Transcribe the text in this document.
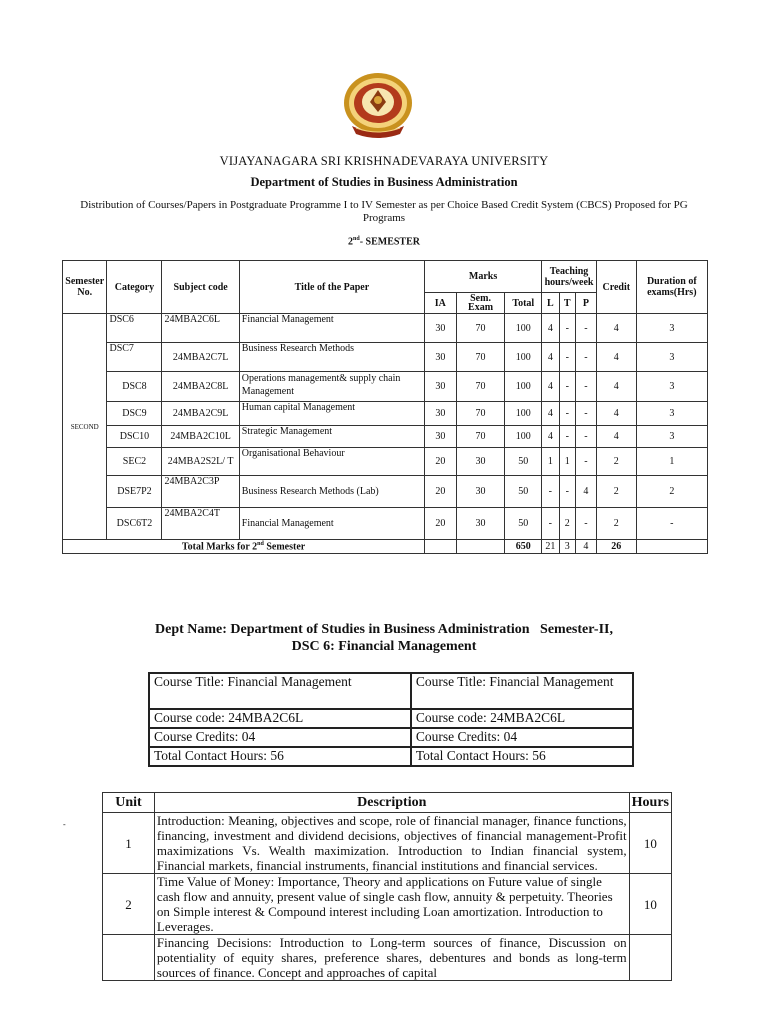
VIJAYANAGARA SRI KRISHNADEVARAYA UNIVERSITY
Department of Studies in Business Administration
Distribution of Courses/Papers in Postgraduate Programme I to IV Semester as per Choice Based Credit System (CBCS) Proposed for PG Programs
2nd- SEMESTER
Semester No.	Category	Subject code	Title of the Paper	Marks			Teaching hours/week			Credit	Duration of exams(Hrs)
				IA	Sem. Exam	Total	L	T	P		
SECOND	DSC6	24MBA2C6L	Financial Management	30	70	100	4	-	-	4	3
	DSC7	24MBA2C7L	Business Research Methods	30	70	100	4	-	-	4	3
	DSC8	24MBA2C8L	Operations management& supply chain Management	30	70	100	4	-	-	4	3
	DSC9	24MBA2C9L	Human capital Management	30	70	100	4	-	-	4	3
	DSC10	24MBA2C10L	Strategic Management	30	70	100	4	-	-	4	3
	SEC2	24MBA2S2L/ T	Organisational Behaviour	20	30	50	1	1	-	2	1
	DSE7P2	24MBA2C3P	Business Research Methods (Lab)	20	30	50	-	-	4	2	2
	DSC6T2	24MBA2C4T	Financial Management	20	30	50	-	2	-	2	-
Total Marks for 2nd Semester						650	21	3	4	26	
Dept Name: Department of Studies in Business Administration   Semester-II,
DSC 6: Financial Management
Course Title: Financial Management	Course Title: Financial Management
Course code: 24MBA2C6L	Course code: 24MBA2C6L
Course Credits: 04	Course Credits: 04
Total Contact Hours: 56	Total Contact Hours: 56
-
Unit	Description	Hours
1	Introduction: Meaning, objectives and scope, role of financial manager, finance functions, financing, investment and dividend decisions, objectives of financial management-Profit maximizations Vs. Wealth maximization. Introduction to Indian financial system, Financial markets, financial instruments, financial institutions and financial services.	10
2	Time Value of Money: Importance, Theory and applications on Future value of single cash flow and annuity, present value of single cash flow, annuity & perpetuity. Theories on Simple interest & Compound interest including Loan amortization. Introduction to Leverages.	10
	Financing Decisions: Introduction to Long-term sources of finance, Discussion on potentiality of equity shares, preference shares, debentures and bonds as long-term sources of finance. Concept and approaches of capital	
